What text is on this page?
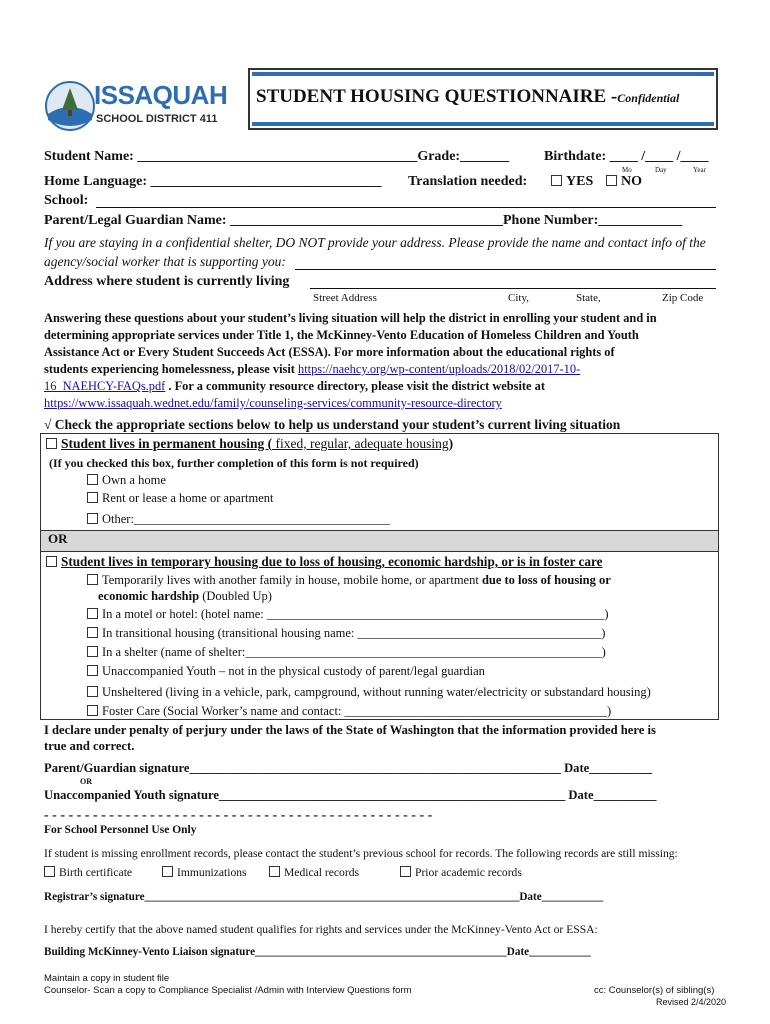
ISSAQUAH
SCHOOL DISTRICT 411
STUDENT HOUSING QUESTIONNAIRE -Confidential
Student Name: ________________________________________Grade:_______ Birthdate: ____ /____ /____
Mo	Day	Year
Home Language: _________________________________ Translation needed:	YES	NO
School:
Parent/Legal Guardian Name: _______________________________________Phone Number:____________
If you are staying in a confidential shelter, DO NOT provide your address. Please provide the name and contact info of the
agency/social worker that is supporting you:
Address where student is currently living
Street Address	City,	State,	Zip Code
Answering these questions about your student’s living situation will help the district in enrolling your student and in
determining appropriate services under Title 1, the McKinney-Vento Education of Homeless Children and Youth
Assistance Act or Every Student Succeeds Act (ESSA). For more information about the educational rights of
students experiencing homelessness, please visit https://naehcy.org/wp-content/uploads/2018/02/2017-10-
16_NAEHCY-FAQs.pdf . For a community resource directory, please visit the district website at
https://www.issaquah.wednet.edu/family/counseling-services/community-resource-directory
√ Check the appropriate sections below to help us understand your student’s current living situation
Student lives in permanent housing ( fixed, regular, adequate housing)
(If you checked this box, further completion of this form is not required)
Own a home
Rent or lease a home or apartment
Other:_________________________________________
OR
Student lives in temporary housing due to loss of housing, economic hardship, or is in foster care
Temporarily lives with another family in house, mobile home, or apartment due to loss of housing or
economic hardship (Doubled Up)
In a motel or hotel: (hotel name: ______________________________________________________)
In transitional housing (transitional housing name: _______________________________________)
In a shelter (name of shelter:_________________________________________________________)
Unaccompanied Youth – not in the physical custody of parent/legal guardian
Unsheltered (living in a vehicle, park, campground, without running water/electricity or substandard housing)
Foster Care (Social Worker’s name and contact: __________________________________________)
I declare under penalty of perjury under the laws of the State of Washington that the information provided here is
true and correct.
Parent/Guardian signature___________________________________________________________ Date__________
OR
Unaccompanied Youth signature_______________________________________________________ Date__________
- - - - - - - - - - - - - - - - - - - - - - - - - - - - - - - - - - - - - - - - - - - - - - - -
For School Personnel Use Only
If student is missing enrollment records, please contact the student’s previous school for records. The following records are still missing:
Birth certificate	Immunizations	Medical records	Prior academic records
Registrar’s signature___________________________________________________________________Date___________
I hereby certify that the above named student qualifies for rights and services under the McKinney-Vento Act or ESSA:
Building McKinney-Vento Liaison signature_____________________________________________Date___________
Maintain a copy in student file
Counselor- Scan a copy to Compliance Specialist /Admin with Interview Questions form	cc: Counselor(s) of sibling(s)
Revised 2/4/2020
